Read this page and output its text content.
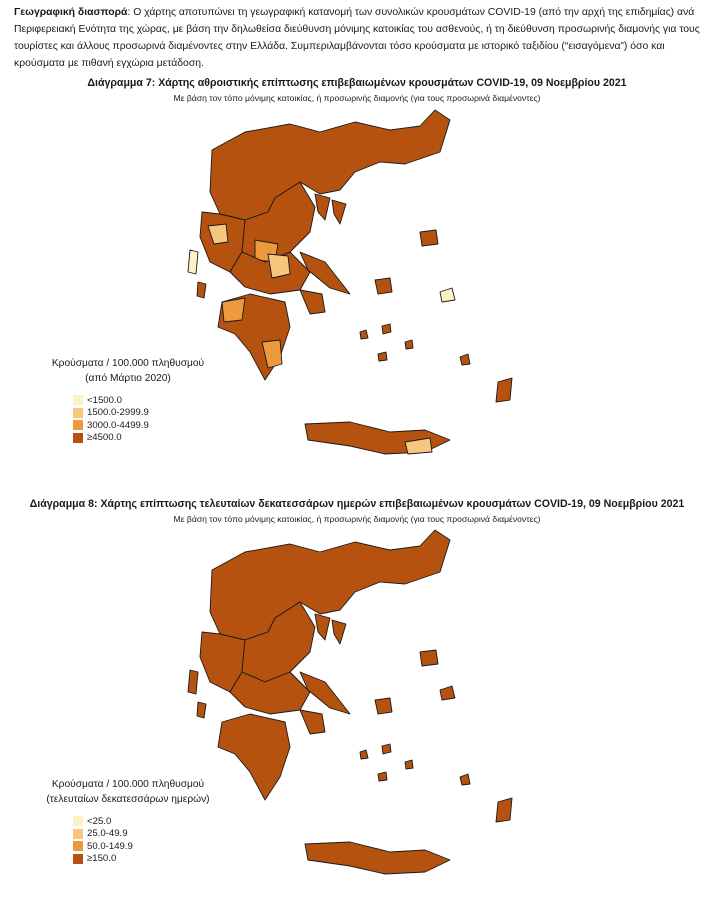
Γεωγραφική διασπορά: Ο χάρτης αποτυπώνει τη γεωγραφική κατανομή των συνολικών κρουσμάτων COVID-19 (από την αρχή της επιδημίας) ανά Περιφερειακή Ενότητα της χώρας, με βάση την δηλωθείσα διεύθυνση μόνιμης κατοικίας του ασθενούς, ή τη διεύθυνση προσωρινής διαμονής για τους τουρίστες και άλλους προσωρινά διαμένοντες στην Ελλάδα. Συμπεριλαμβάνονται τόσο κρούσματα με ιστορικό ταξιδίου (“εισαγόμενα”) όσο και κρούσματα με πιθανή εγχώρια μετάδοση.
Διάγραμμα 7: Χάρτης αθροιστικής επίπτωσης επιβεβαιωμένων κρουσμάτων COVID-19, 09 Νοεμβρίου 2021
Με βάση τον τόπο μόνιμης κατοικίας, ή προσωρινής διαμονής (για τους προσωρινά διαμένοντες)
Κρούσματα / 100.000 πληθυσμού
(από Μάρτιο 2020)
<1500.0
1500.0-2999.9
3000.0-4499.9
≥4500.0
Διάγραμμα 8: Χάρτης επίπτωσης τελευταίων δεκατεσσάρων ημερών επιβεβαιωμένων κρουσμάτων COVID-19, 09 Νοεμβρίου 2021
Με βάση τον τόπο μόνιμης κατοικίας, ή προσωρινής διαμονής (για τους προσωρινά διαμένοντες)
Κρούσματα / 100.000 πληθυσμού
(τελευταίων δεκατεσσάρων ημερών)
<25.0
25.0-49.9
50.0-149.9
≥150.0
